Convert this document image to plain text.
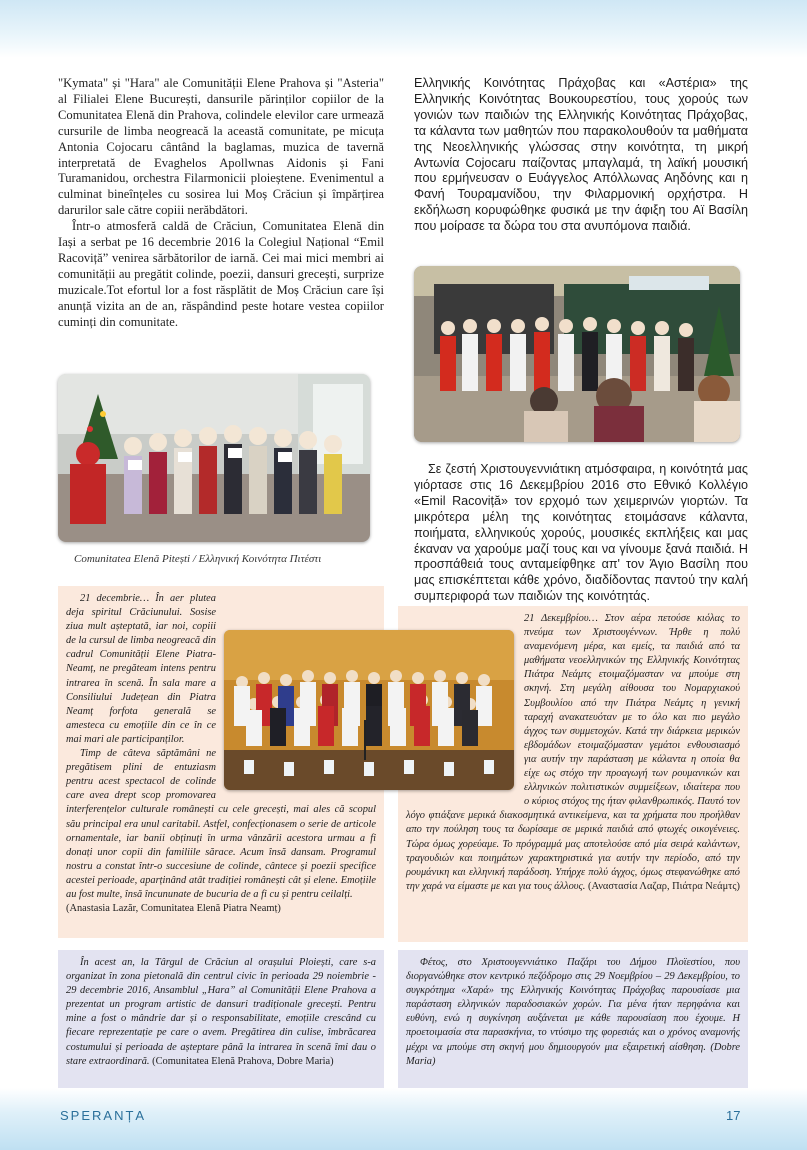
"Kymata" și "Hara" ale Comunității Elene Prahova și "Asteria" al Filialei Elene București, dansurile părinților copiilor de la Comunitatea Elenă din Prahova, colindele elevilor care urmează cursurile de limba neogreacă la această comunitate, pe micuța Antonia Cojocaru cântând la baglamas, muzica de tavernă interpretată de Evaghelos Apollwnas Aidonis și Fani Turamanidou, orchestra Filarmonicii ploieștene. Evenimentul a culminat bineînțeles cu sosirea lui Moș Crăciun și împărțirea darurilor sale către copiii nerăbdători.

Într-o atmosferă caldă de Crăciun, Comunitatea Elenă din Iași a serbat pe 16 decembrie 2016 la Colegiul Național “Emil Racoviță” venirea sărbătorilor de iarnă. Cei mai mici membri ai comunității au pregătit colinde, poezii, dansuri grecești, surprize muzicale.Tot efortul lor a fost răsplătit de Moș Crăciun care își anunță vizita an de an, răspândind peste hotare vestea copiilor cuminți din comunitate.

Comunitatea Elenă Pitești / Ελληνική Κοινότητα Πιτέστι

Ελληνικής Κοινότητας Πράχοβας και «Αστέρια» της Ελληνικής Κοινότητας Βουκουρεστίου, τους χορούς των γονιών των παιδιών της Ελληνικής Κοινότητας Πράχοβας, τα κάλαντα των μαθητών που παρακολουθούν τα μαθήματα της Νεοελληνικής γλώσσας στην κοινότητα, τη μικρή Αντωνία Cojocaru παίζοντας μπαγλαμά, τη λαϊκή μουσική που ερμήνευσαν ο Ευάγγελος Απόλλωνας Αηδόνης και η Φανή Τουραμανίδου, την Φιλαρμονική ορχήστρα. Η εκδήλωση κορυφώθηκε φυσικά με την άφιξη του Αϊ Βασίλη που μοίρασε τα δώρα του στα ανυπόμονα παιδιά.

Σε ζεστή Χριστουγεννιάτικη ατμόσφαιρα, η κοινότητά μας γιόρτασε στις 16 Δεκεμβρίου 2016 στο Εθνικό Κολλέγιο «Emil Racoviță» τον ερχομό των χειμερινών γιορτών. Τα μικρότερα μέλη της κοινότητας ετοιμάσανε κάλαντα, ποιήματα, ελληνικούς χορούς, μουσικές εκπλήξεις και μας έκαναν να χαρούμε μαζί τους και να γίνουμε ξανά παιδιά. Η προσπάθειά τους ανταμείφθηκε απ' τον Άγιο Βασίλη που μας επισκέπτεται κάθε χρόνο, διαδίδοντας παντού την καλή συμπεριφορά των παιδιών της κοινότητάς.

21 decembrie… În aer plutea deja spiritul Crăciunului. Sosise ziua mult așteptată, iar noi, copiii de la cursul de limba neogreacă din cadrul Comunității Elene Piatra-Neamț, ne pregăteam intens pentru intrarea în scenă. În sala mare a Consiliului Județean din Piatra Neamț forfota generală se amesteca cu emoțiile din ce în ce mai mari ale participanților.

Timp de câteva săptămâni ne pregătisem plini de entuziasm pentru acest spectacol de colinde care avea drept scop promovarea interferențelor culturale românești cu cele grecești, mai ales că scopul său principal era unul caritabil. Astfel, confecționasem o serie de articole ornamentale, iar banii obținuți în urma vânzării acestora urmau a fi donați unor copii din familiile sărace. Acum însă dansam. Programul nostru a constat într-o succesiune de colinde, cântece și poezii specifice acestei perioade, aparținând atât tradiției românești cât și elene. Emoțiile au fost multe, însă încununate de bucuria de a fi cu și pentru ceilalți.

(Anastasia Lazăr, Comunitatea Elenă Piatra Neamț)

21 Δεκεμβρίου… Στον αέρα πετούσε κιόλας το πνεύμα των Χριστουγέννων. Ήρθε η πολύ αναμενόμενη μέρα, και εμείς, τα παιδιά από τα μαθήματα νεοελληνικών της Ελληνικής Κοινότητας Πιάτρα Νεάμτς ετοιμαζόμασταν να μπούμε στη σκηνή. Στη μεγάλη αίθουσα του Νομαρχιακού Συμβουλίου από την Πιάτρα Νεάμτς η γενική ταραχή ανακατευόταν με το όλο και πιο μεγάλο άγχος των συμμετοχών. Κατά την διάρκεια μερικών εβδομάδων ετοιμαζόμασταν γεμάτοι ενθουσιασμό για αυτήν την παράσταση με κάλαντα η οποία θα είχε ως στόχο την προαγωγή των ρουμανικών και ελληνικών πολιτιστικών συμμείξεων, ιδιαίτερα που ο κύριος στόχος της ήταν φιλανθρωπικός. Παυτό τον λόγο φτιάξανε μερικά διακοσμητικά αντικείμενα, και τα χρήματα που προήλθαν απο την πούληση τους τα δωρίσαμε σε μερικά παιδιά από φτωχές οικογένειες. Τώρα όμως χορεύαμε. Το πρόγραμμά μας αποτελούσε από μία σειρά καλάντων, τραγουδιών και ποιημάτων χαρακτηριστικά για αυτήν την περίοδο, από την ρουμάνικη και ελληνική παράδοση. Υπήρχε πολύ άγχος, όμως στεφανώθηκε από την χαρά να είμαστε με και για τους άλλους. (Αναστασία Λαζαρ, Πιάτρα Νεάμτς)

În acest an, la Târgul de Crăciun al orașului Ploiești, care s-a organizat în zona pietonală din centrul civic în perioada 29 noiembrie - 29 decembrie 2016, Ansamblul „Hara” al Comunității Elene Prahova a prezentat un program artistic de dansuri tradiționale grecești. Pentru mine a fost o mândrie dar și o responsabilitate, emoțiile crescând cu fiecare reprezentație pe care o avem. Pregătirea din culise, îmbrăcarea costumului și perioada de așteptare până la intrarea în scenă îmi dau o stare extraordinară. (Comunitatea Elenă Prahova, Dobre Maria)

Φέτος, στο Χριστουγεννιάτικο Παζάρι του Δήμου Πλοϊεστίου, που διοργανώθηκε στον κεντρικό πεζόδρομο στις 29 Νοεμβρίου – 29 Δεκεμβρίου, το συγκρότημα «Χαρά» της Ελληνικής Κοινότητας Πράχοβας παρουσίασε μια παράσταση ελληνικών παραδοσιακών χορών. Για μένα ήταν περηφάνια και ευθύνη, ενώ η συγκίνηση αυξάνεται με κάθε παρουσίαση που έχουμε. Η προετοιμασία στα παρασκήνια, το ντύσιμο της φορεσιάς και ο χρόνος αναμονής μέχρι να μπούμε στη σκηνή μου δημιουργούν μια εξαιρετική αίσθηση. (Dobre Maria)

SPERANȚA	17
